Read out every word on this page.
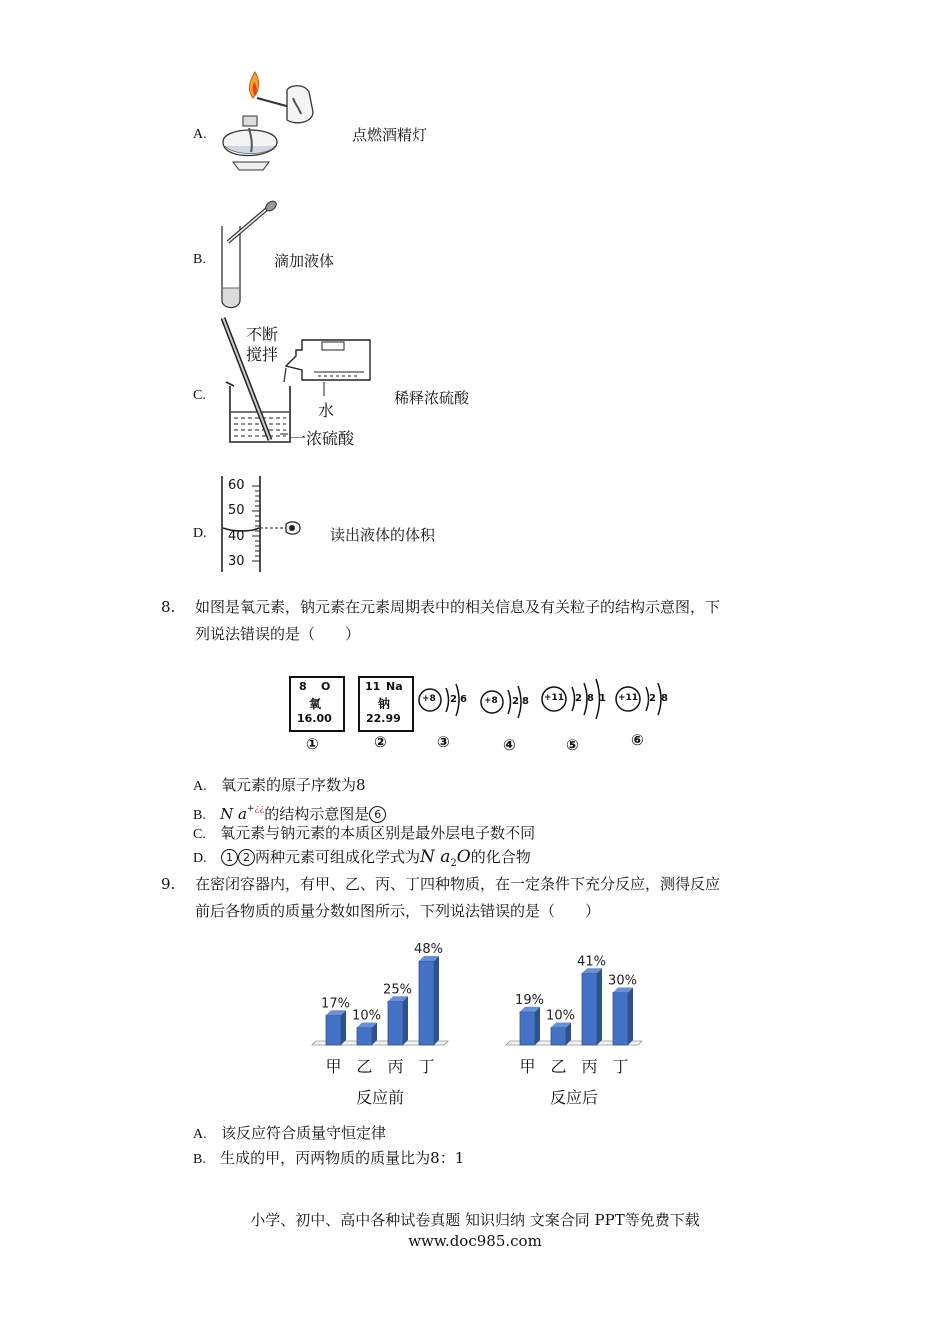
A.	点燃酒精灯
B.	滴加液体
C.
不断
搅拌
水
一浓硫酸
稀释浓硫酸
D.
60
50
40
30
读出液体的体积
8. 如图是氧元素，钠元素在元素周期表中的相关信息及有关粒子的结构示意图，下
列说法错误的是（　　）
8 O
氧
16.00
11 Na
钠
22.99
+8 2 6 +8 2 8 +11 2 8 1 +11 2 8
①	②	③	④	⑤	⑥
A. 氧元素的原子序数为8
B. N a+¿¿的结构示意图是 6
C. 氧元素与钠元素的本质区别是最外层电子数不同
D. 1 2 两种元素可组成化学式为N $a_2O$的化合物
9. 在密闭容器内，有甲、乙、丙、丁四种物质，在一定条件下充分反应，测得反应
前后各物质的质量分数如图所示，下列说法错误的是（　　）
17%
甲
10%
乙
25%
丙
48%
丁
反应前
19%
甲
10%
乙
41%
丙
30%
丁
反应后
A. 该反应符合质量守恒定律
B. 生成的甲，丙两物质的质量比为8：1
小学、初中、高中各种试卷真题 知识归纳 文案合同 PPT等免费下载
www.doc985.com
